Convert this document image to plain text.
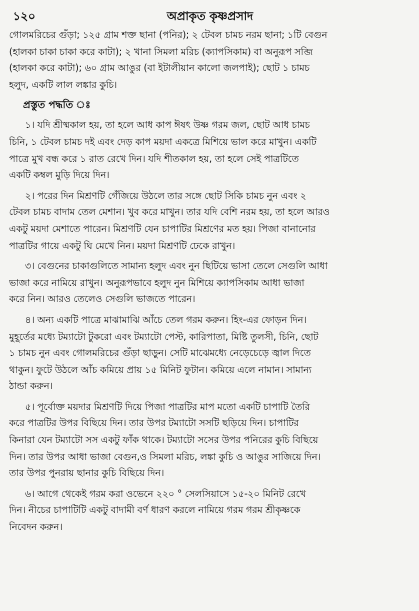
১২০	অপ্রাকৃত কৃষ্ণপ্রসাদ
গোলমরিচের গুঁড়া; ১২৫ গ্রাম শক্ত ছানা (পনির); ২ টেবল চামচ নরম ছানা; ১টি বেগুন
(হালকা চাকা চাকা করে কাটা); ২ খানা সিমলা মরিচ (ক্যাপসিকাম) বা অনুরূপ সব্জি
(হালকা করে কাটা); ৬০ গ্রাম আঙুর (বা ইটালীয়ান কালো জলপাই); ছোট ১ চামচ
হলুদ, একটি লাল লঙ্কার কুচি।
প্রস্তুত পদ্ধতি ঃ
১। যদি শ্রীষ্মকাল হয়, তা হলে আধ কাপ ঈষৎ উষ্ণ গরম জল, ছোট আধ চামচ
চিনি, ১ টেবল চামচ দই এবং দেড় কাপ ময়দা একত্রে মিশিয়ে ভাল করে মাখুন। একটি
পাত্রে মুখ বন্ধ করে ১ রাত রেখে দিন। যদি শীতকাল হয়, তা হলে সেই পাত্রটিতে
একটি কম্বল মুড়ি দিয়ে দিন।
২। পরের দিন মিশ্রণটি গেঁজিয়ে উঠলে তার সঙ্গে ছোট সিকি চামচ নুন এবং ২
টেবল চামচ বাদাম তেল মেশান। খুব করে মাখুন। তার যদি বেশি নরম হয়, তা হলে আরও
একটু ময়দা মেশাতে পারেন। মিশ্রণটি যেন চাপাটির মিশ্রণের মত হয়। পিজা বানানোর
পাত্রটির গায়ে একটু ঘি মেখে নিন। ময়দা মিশ্রণটি ঢেকে রাখুন।
৩। বেগুনের চাকাগুলিতে সামান্য হলুদ এবং নুন ছিটিয়ে ভাসা তেলে সেগুলি আধা
ভাজা করে নামিয়ে রাখুন। অনুরূপভাবে হলুদ নুন মিশিয়ে ক্যাপসিকাম আধা ভাজা
করে নিন। আরও তেলেও সেগুলি ভাজতে পারেন।
৪। অন্য একটি পাত্রে মাঝামাঝি আঁচে তেল গরম করুন। হিং-এর ফোড়ন দিন।
মুহূর্তের মধ্যে টম্যাটো টুকরো এবং টম্যাটো পেস্ট, কারিপাতা, মিষ্টি তুলসী, চিনি, ছোট
১ চামচ নুন এবং গোলমরিচের গুঁড়া ছাড়ুন। সেটি মাঝেমধ্যে নেড়েচেড়ে জ্বাল দিতে
থাকুন। ফুটে উঠলে আঁচ কমিয়ে প্রায় ১৫ মিনিট ফুটান। কমিয়ে এলে নামান। সামান্য
ঠান্ডা করুন।
৫। পূর্বোক্ত ময়দার মিশ্রণটি দিয়ে পিজা পাত্রটির মাপ মতো একটি চাপাটি তৈরি
করে পাত্রটির উপর বিছিয়ে দিন। তার উপর টম্যাটো সসটি ছড়িয়ে দিন। চাপাটির
কিনারা যেন টম্যাটো সস একটু ফাঁক থাকে। টম্যাটো সসের উপর পনিরের কুচি বিছিয়ে
দিন। তার উপর আধা ভাজা বেগুন,ও সিমলা মরিচ, লঙ্কা কুচি ও আঙুর সাজিয়ে দিন।
তার উপর পুনরায় ছানার কুচি বিছিয়ে দিন।
৬। আগে থেকেই গরম করা ওভেনে ২২০ ° সেলসিয়াসে ১৫-২০ মিনিট রেখে
দিন। নীচের চাপাটিটি একটু বাদামী বর্ণ ধারণ করলে নামিয়ে গরম গরম শ্রীকৃষ্ণকে
নিবেদন করুন।
